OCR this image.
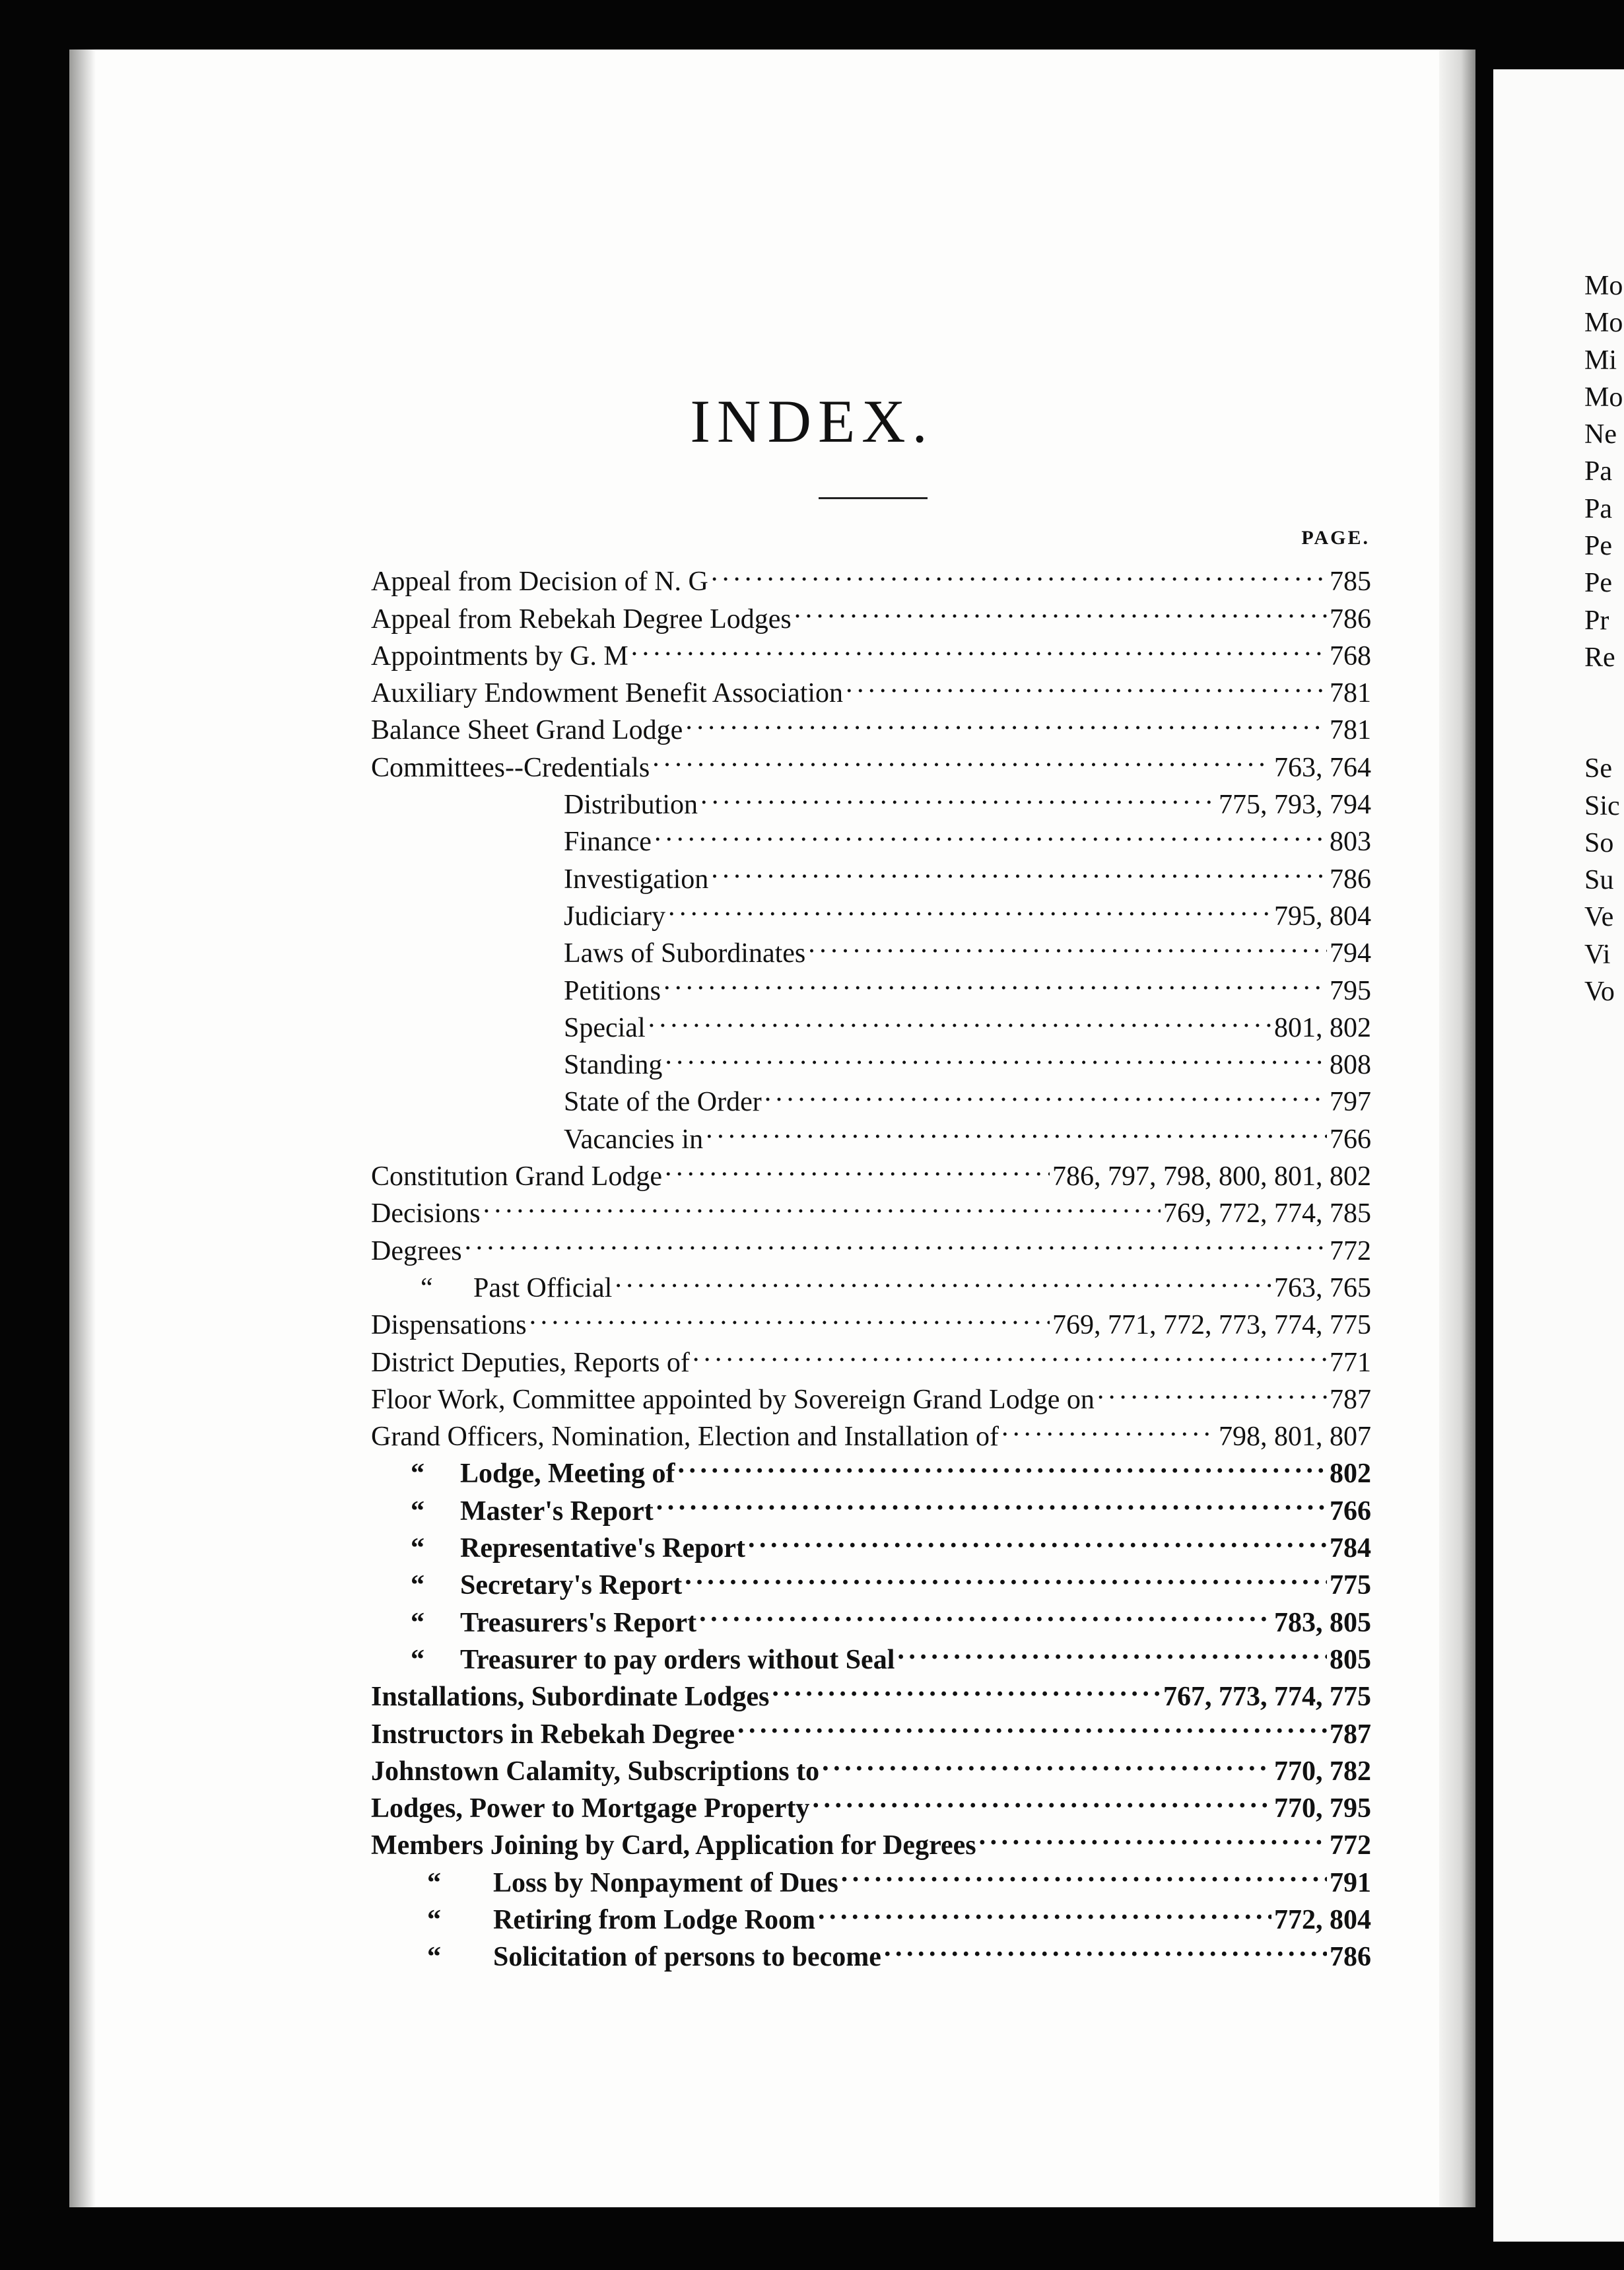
Mo
Mo
Mi
Mo
Ne
Pa
Pa
Pe
Pe
Pr
Re
Se
Sic
So
Su
Ve
Vi
Vo
INDEX.
PAGE.
Appeal from Decision of N. G . . .	785
Appeal from Rebekah Degree Lodges . . .	786
Appointments by G. M . . .	768
Auxiliary Endowment Benefit Association . . .	781
Balance Sheet Grand Lodge . . .	781
Committees--Credentials . . .	763, 764
Distribution . . .	775, 793, 794
Finance . . .	803
Investigation . . .	786
Judiciary . . .	795, 804
Laws of Subordinates . . .	794
Petitions . . .	795
Special . . .	801, 802
Standing . . .	808
State of the Order . . .	797
Vacancies in . . .	766
Constitution Grand Lodge . . .	786, 797, 798, 800, 801, 802
Decisions . . .	769, 772, 774, 785
Degrees . . .	772
“	Past Official . . .	763, 765
Dispensations . . .	769, 771, 772, 773, 774, 775
District Deputies, Reports of . . .	771
Floor Work, Committee appointed by Sovereign Grand Lodge on . . .	787
Grand Officers, Nomination, Election and Installation of . . .	798, 801, 807
“	Lodge, Meeting of . . .	802
“	Master's Report . . .	766
“	Representative's Report . . .	784
“	Secretary's Report . . .	775
“	Treasurers's Report . . .	783, 805
“	Treasurer to pay orders without Seal . . .	805
Installations, Subordinate Lodges . . .	767, 773, 774, 775
Instructors in Rebekah Degree . . .	787
Johnstown Calamity, Subscriptions to . . .	770, 782
Lodges, Power to Mortgage Property . . .	770, 795
Members Joining by Card, Application for Degrees . . .	772
“	Loss by Nonpayment of Dues . . .	791
“	Retiring from Lodge Room . . .	772, 804
“	Solicitation of persons to become . . .	786
